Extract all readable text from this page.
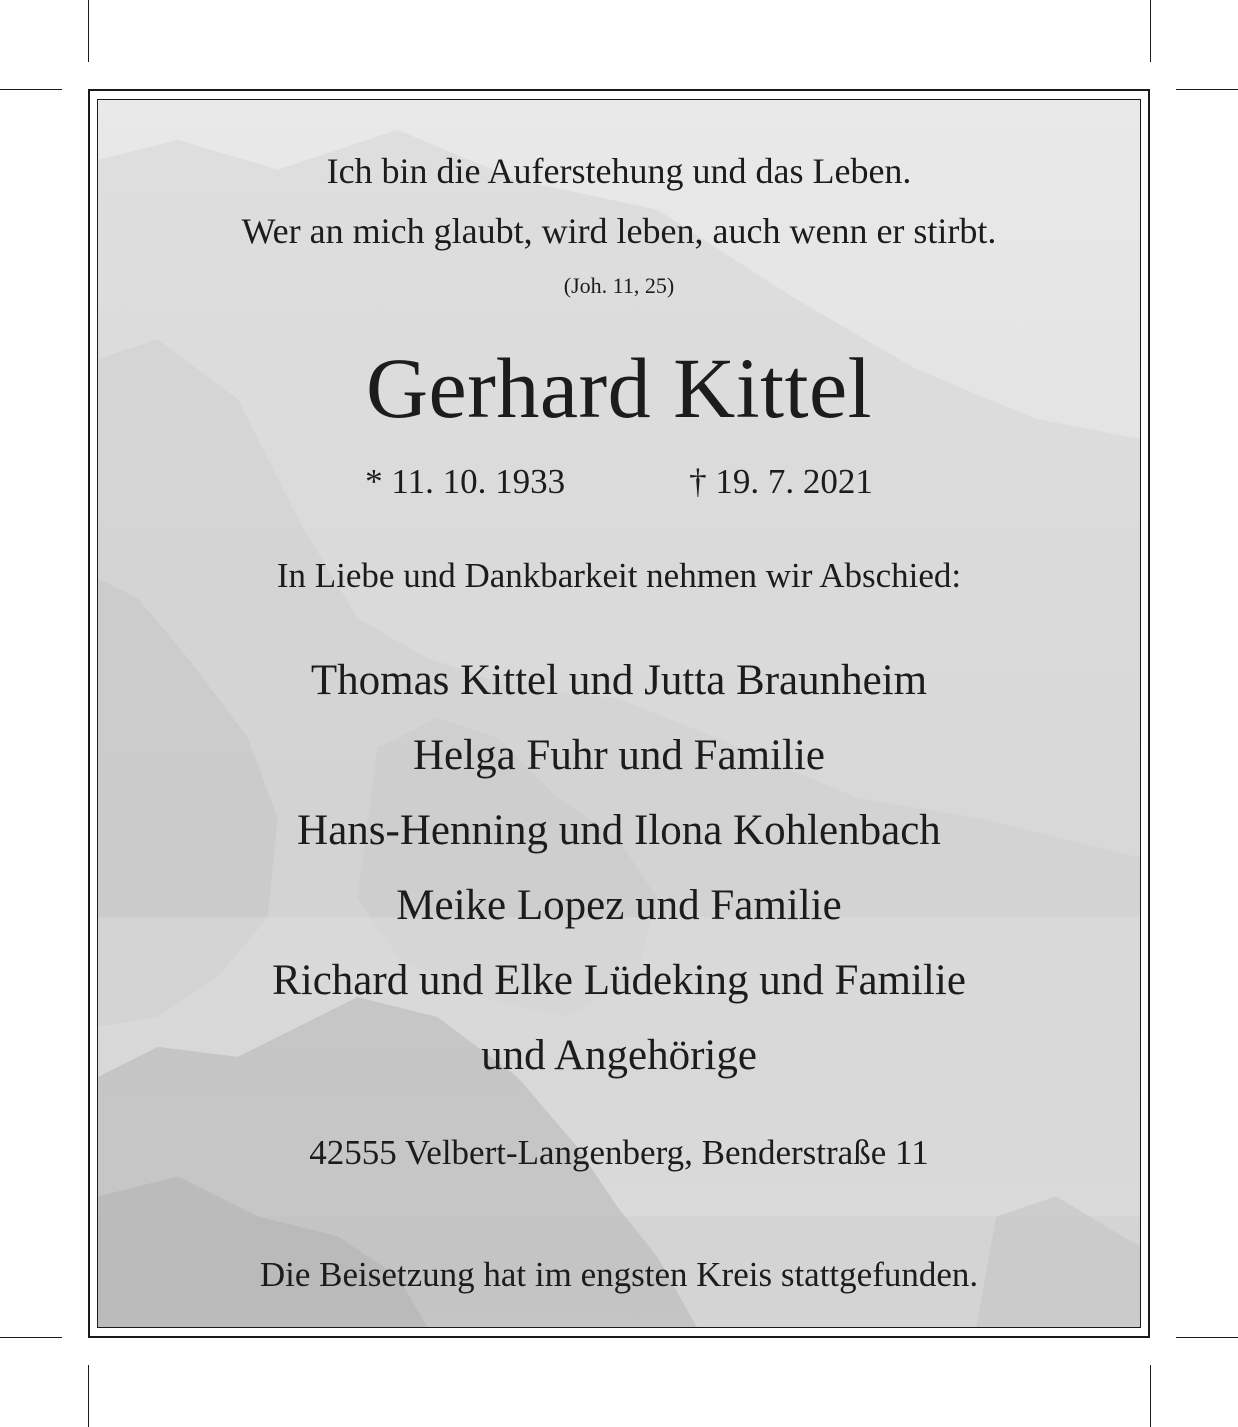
Ich bin die Auferstehung und das Leben.
Wer an mich glaubt, wird leben, auch wenn er stirbt.
(Joh. 11, 25)
Gerhard Kittel
* 11. 10. 1933	† 19. 7. 2021
In Liebe und Dankbarkeit nehmen wir Abschied:
Thomas Kittel und Jutta Braunheim
Helga Fuhr und Familie
Hans-Henning und Ilona Kohlenbach
Meike Lopez und Familie
Richard und Elke Lüdeking und Familie
und Angehörige
42555 Velbert-Langenberg, Benderstraße 11
Die Beisetzung hat im engsten Kreis stattgefunden.
